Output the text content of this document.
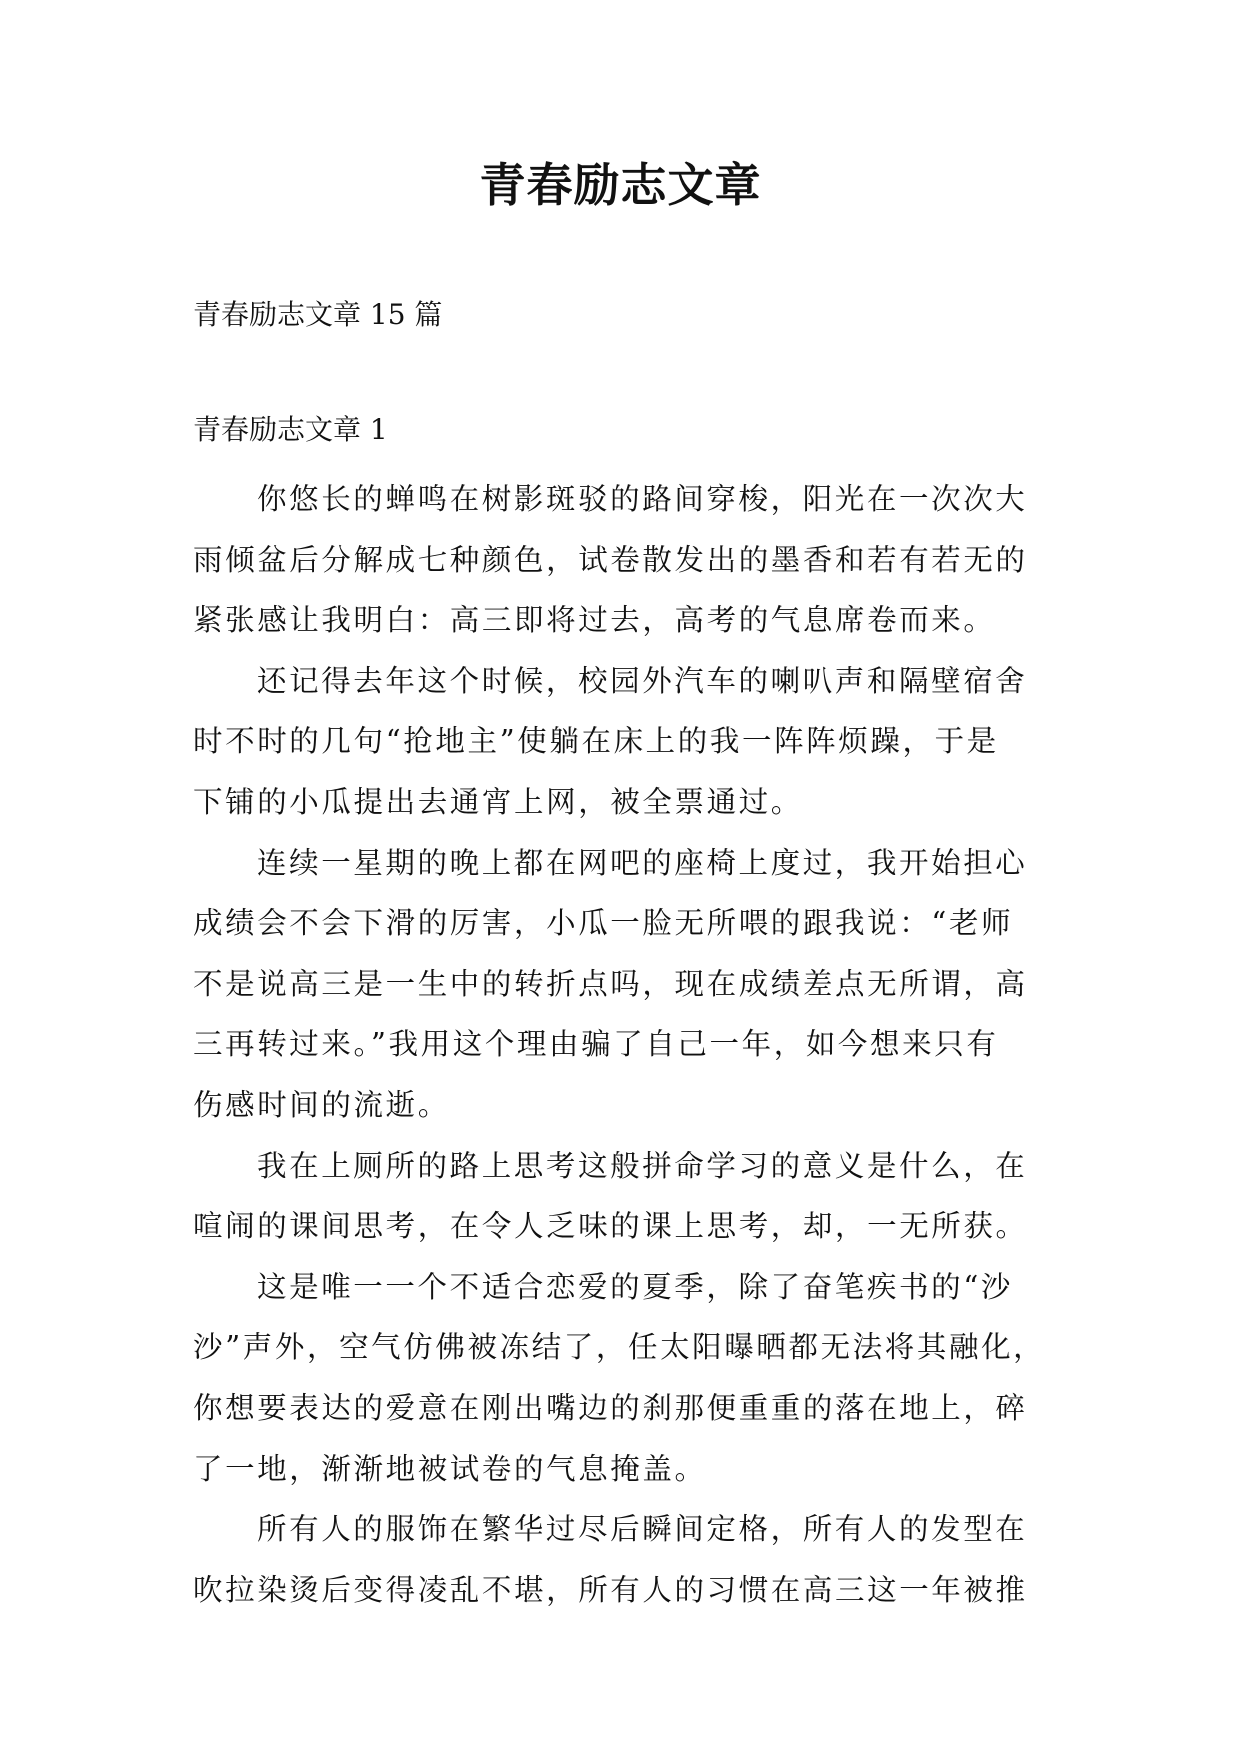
青春励志文章

青春励志文章 15 篇

青春励志文章 1

你悠长的蝉鸣在树影斑驳的路间穿梭，阳光在一次次大
雨倾盆后分解成七种颜色，试卷散发出的墨香和若有若无的
紧张感让我明白：高三即将过去，高考的气息席卷而来。
还记得去年这个时候，校园外汽车的喇叭声和隔壁宿舍
时不时的几句“抢地主”使躺在床上的我一阵阵烦躁，于是
下铺的小瓜提出去通宵上网，被全票通过。
连续一星期的晚上都在网吧的座椅上度过，我开始担心
成绩会不会下滑的厉害，小瓜一脸无所喂的跟我说：“老师
不是说高三是一生中的转折点吗，现在成绩差点无所谓，高
三再转过来。”我用这个理由骗了自己一年，如今想来只有
伤感时间的流逝。
我在上厕所的路上思考这般拼命学习的意义是什么，在
喧闹的课间思考，在令人乏味的课上思考，却，一无所获。
这是唯一一个不适合恋爱的夏季，除了奋笔疾书的“沙
沙”声外，空气仿佛被冻结了，任太阳曝晒都无法将其融化，
你想要表达的爱意在刚出嘴边的刹那便重重的落在地上，碎
了一地，渐渐地被试卷的气息掩盖。
所有人的服饰在繁华过尽后瞬间定格，所有人的发型在
吹拉染烫后变得凌乱不堪，所有人的习惯在高三这一年被推
